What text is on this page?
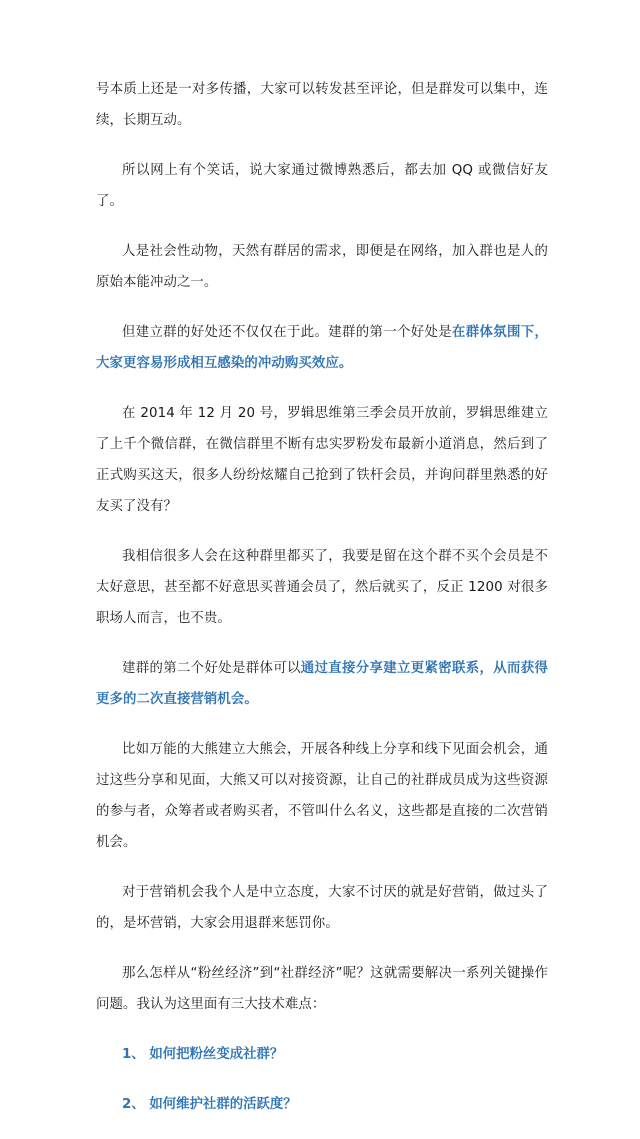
号本质上还是一对多传播，大家可以转发甚至评论，但是群发可以集中，连续，长期互动。

所以网上有个笑话，说大家通过微博熟悉后，都去加 QQ 或微信好友了。

人是社会性动物，天然有群居的需求，即便是在网络，加入群也是人的原始本能冲动之一。

但建立群的好处还不仅仅在于此。建群的第一个好处是在群体氛围下，大家更容易形成相互感染的冲动购买效应。

在 2014 年 12 月 20 号，罗辑思维第三季会员开放前，罗辑思维建立了上千个微信群，在微信群里不断有忠实罗粉发布最新小道消息，然后到了正式购买这天，很多人纷纷炫耀自己抢到了铁杆会员，并询问群里熟悉的好友买了没有？

我相信很多人会在这种群里都买了，我要是留在这个群不买个会员是不太好意思，甚至都不好意思买普通会员了，然后就买了，反正 1200 对很多职场人而言，也不贵。

建群的第二个好处是群体可以通过直接分享建立更紧密联系，从而获得更多的二次直接营销机会。

比如万能的大熊建立大熊会，开展各种线上分享和线下见面会机会，通过这些分享和见面，大熊又可以对接资源，让自己的社群成员成为这些资源的参与者，众筹者或者购买者，不管叫什么名义，这些都是直接的二次营销机会。

对于营销机会我个人是中立态度，大家不讨厌的就是好营销，做过头了的，是坏营销，大家会用退群来惩罚你。

那么怎样从“粉丝经济”到“社群经济”呢？这就需要解决一系列关键操作问题。我认为这里面有三大技术难点：

1、 如何把粉丝变成社群？
2、 如何维护社群的活跃度？
